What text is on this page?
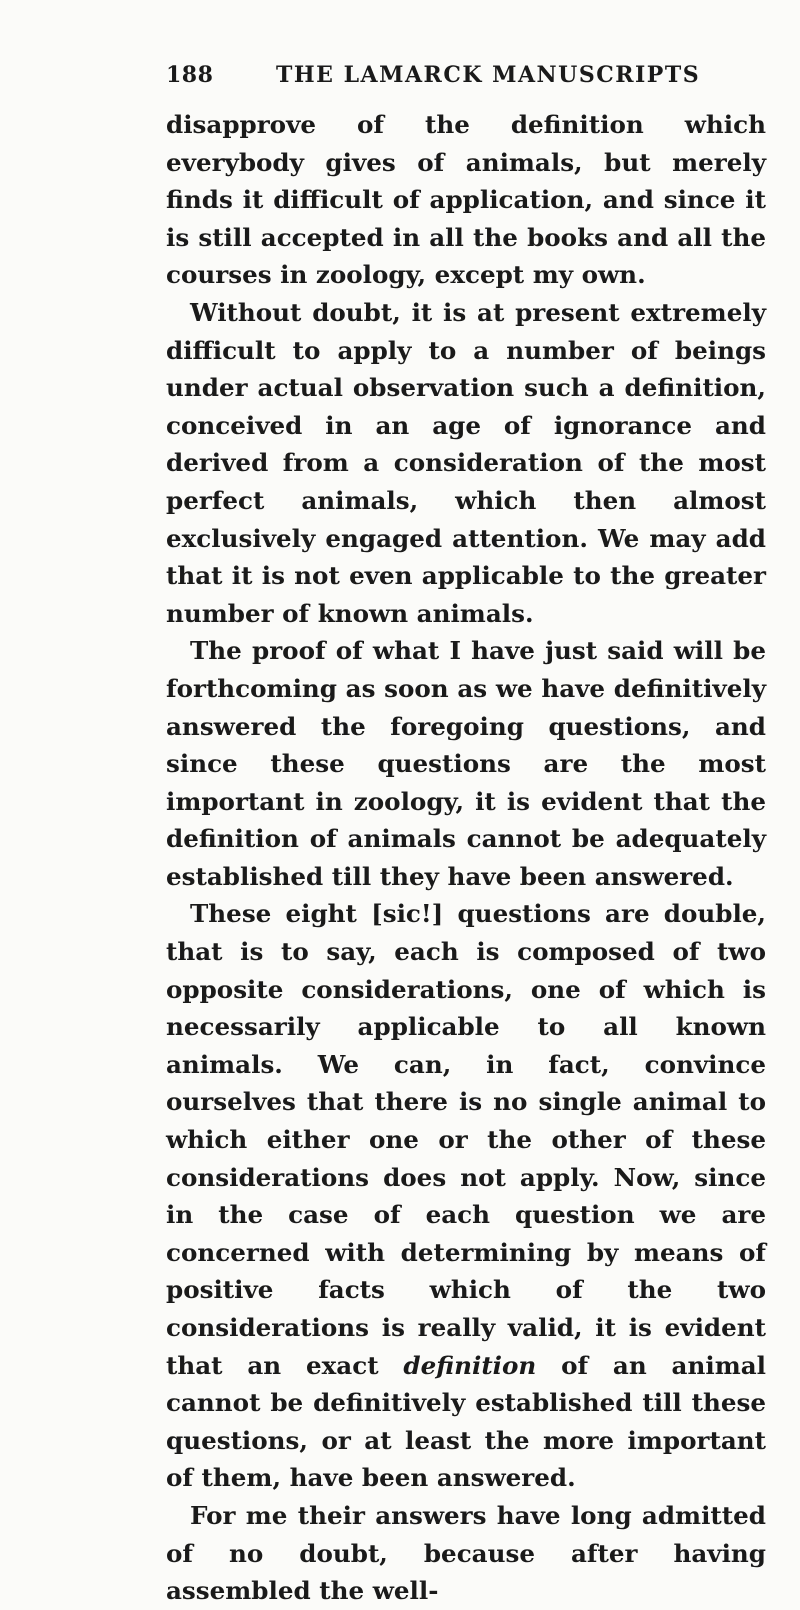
188	THE LAMARCK MANUSCRIPTS

disapprove of the definition which everybody gives of animals, but merely finds it difficult of application, and since it is still accepted in all the books and all the courses in zoology, except my own.

Without doubt, it is at present extremely difficult to apply to a number of beings under actual observation such a definition, conceived in an age of ignorance and derived from a consideration of the most perfect animals, which then almost exclusively engaged attention. We may add that it is not even applicable to the greater number of known animals.

The proof of what I have just said will be forthcoming as soon as we have definitively answered the foregoing questions, and since these questions are the most important in zoology, it is evident that the definition of animals cannot be adequately established till they have been answered.

These eight [sic!] questions are double, that is to say, each is composed of two opposite considerations, one of which is necessarily applicable to all known animals. We can, in fact, convince ourselves that there is no single animal to which either one or the other of these considerations does not apply. Now, since in the case of each question we are concerned with determining by means of positive facts which of the two considerations is really valid, it is evident that an exact definition of an animal cannot be definitively established till these questions, or at least the more important of them, have been answered.

For me their answers have long admitted of no doubt, because after having assembled the well-
